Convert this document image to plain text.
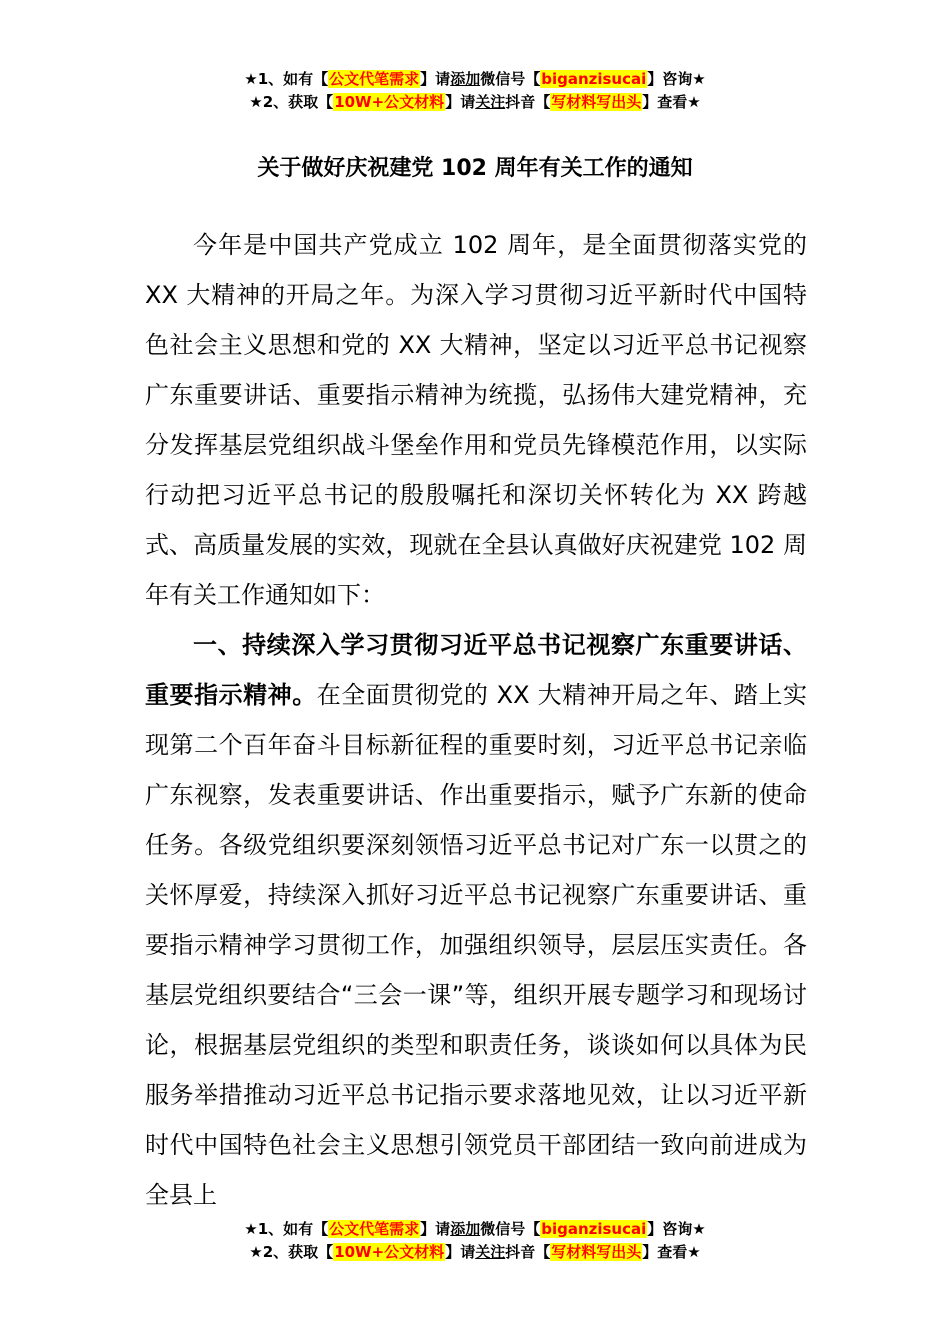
★1、如有【公文代笔需求】请添加微信号【biganzisucai】咨询★
★2、获取【10W+公文材料】请关注抖音【写材料写出头】查看★
关于做好庆祝建党 102 周年有关工作的通知

今年是中国共产党成立 102 周年，是全面贯彻落实党的 XX 大精神的开局之年。为深入学习贯彻习近平新时代中国特色社会主义思想和党的 XX 大精神，坚定以习近平总书记视察广东重要讲话、重要指示精神为统揽，弘扬伟大建党精神，充分发挥基层党组织战斗堡垒作用和党员先锋模范作用，以实际行动把习近平总书记的殷殷嘱托和深切关怀转化为 XX 跨越式、高质量发展的实效，现就在全县认真做好庆祝建党 102 周年有关工作通知如下：

一、持续深入学习贯彻习近平总书记视察广东重要讲话、重要指示精神。在全面贯彻党的 XX 大精神开局之年、踏上实现第二个百年奋斗目标新征程的重要时刻，习近平总书记亲临广东视察，发表重要讲话、作出重要指示，赋予广东新的使命任务。各级党组织要深刻领悟习近平总书记对广东一以贯之的关怀厚爱，持续深入抓好习近平总书记视察广东重要讲话、重要指示精神学习贯彻工作，加强组织领导，层层压实责任。各基层党组织要结合“三会一课”等，组织开展专题学习和现场讨论，根据基层党组织的类型和职责任务，谈谈如何以具体为民服务举措推动习近平总书记指示要求落地见效，让以习近平新时代中国特色社会主义思想引领党员干部团结一致向前进成为全县上

★1、如有【公文代笔需求】请添加微信号【biganzisucai】咨询★
★2、获取【10W+公文材料】请关注抖音【写材料写出头】查看★
